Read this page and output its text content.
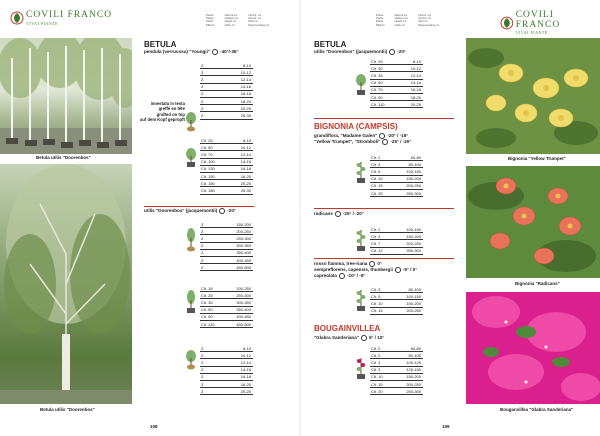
Betula utilis "Doorenbos"
Betula utilis "Doorenbos"
Pianta
Plante
Plants
Pflanze
Altezza cm
Hauteur cm
Height cm
Höhe cm
Circonf. cm
Circonf. cm
Girth cm
Stammumfang cm
BETULA
pendula (verrucosa) "Youngii" -40°/-35°
innestata in testa
greffé en tête
grafted on top
auf dem Kopf gepropft
Z	8-10
Z	10-12
Z	12-14
Z	14-16
Z	16-18
Z	18-20
Z	20-25
Z	25-30
Clt. 25	8-10
Clt. 50	10-12
Clt. 70	12-14
Clt. 100	14-16
Clt. 130	16-18
Clt. 150	18-20
Clt. 150	20-25
Clt. 180	25-30
utilis "Doorenbos" (jacquemontii) -20°
Z	150-200
Z	200-250
Z	250-300
Z	300-350
Z	350-400
Z	400-450
Z	450-500
Clt. 18	200-250
Clt. 25	250-300
Clt. 35	300-350
Clt. 50	350-400
Clt. 90	400-450
Clt. 110	450-500
Z	8-10
Z	10-12
Z	12-14
Z	14-16
Z	16-18
Z	18-20
Z	20-25
108
Pianta
Plante
Plants
Pflanze
Altezza cm
Hauteur cm
Height cm
Höhe cm
Circonf. cm
Circonf. cm
Girth cm
Stammumfang cm
BETULA
utilis "Doorenbos" (jacquemontii) -20°
Clt. 25	8-10
Clt. 30	10-12
Clt. 35	12-14
Clt. 50	14-16
Clt. 70	16-18
Clt. 90	18-20
Clt. 110	20-25
BIGNONIA (CAMPSIS)
grandiflora, "Madame Galen" -20° / -15°
"Yellow Trumpet", "Stromboli" -25° / -20°
Clt. 2	60-80
Clt. 3	80-100
Clt. 5	100-150
Clt. 10	150-200
Clt. 15	200-250
Clt. 25	250-300
radicans -25° / -20°
Clt. 2	100-150
Clt. 3	150-200
Clt. 7	200-250
Clt. 12	250-300
rosso fiamma, tree-riana 0°
sempreflorens, capensis, thunbergii -5° / 0°
capreolata -10° / -5°
Clt. 3	80-100
Clt. 5	100-150
Clt. 10	150-200
Clt. 15	200-250
BOUGAINVILLEA
"Glabra Sanderiana" 5° / 10°
Clt. 2	60-80
Clt. 2	80-100
Clt. 3	100-125
Clt. 3	125-150
Clt. 10	150-200
Clt. 15	200-250
Clt. 20	250-300
Bignonia "Yellow Trumpet"
Bignonia "Radicans"
Bouganvillea "Glabra Sanderiana"
109
COVILI FRANCO
VIVAI PIANTE
COVILI FRANCO
VIVAI PIANTE
